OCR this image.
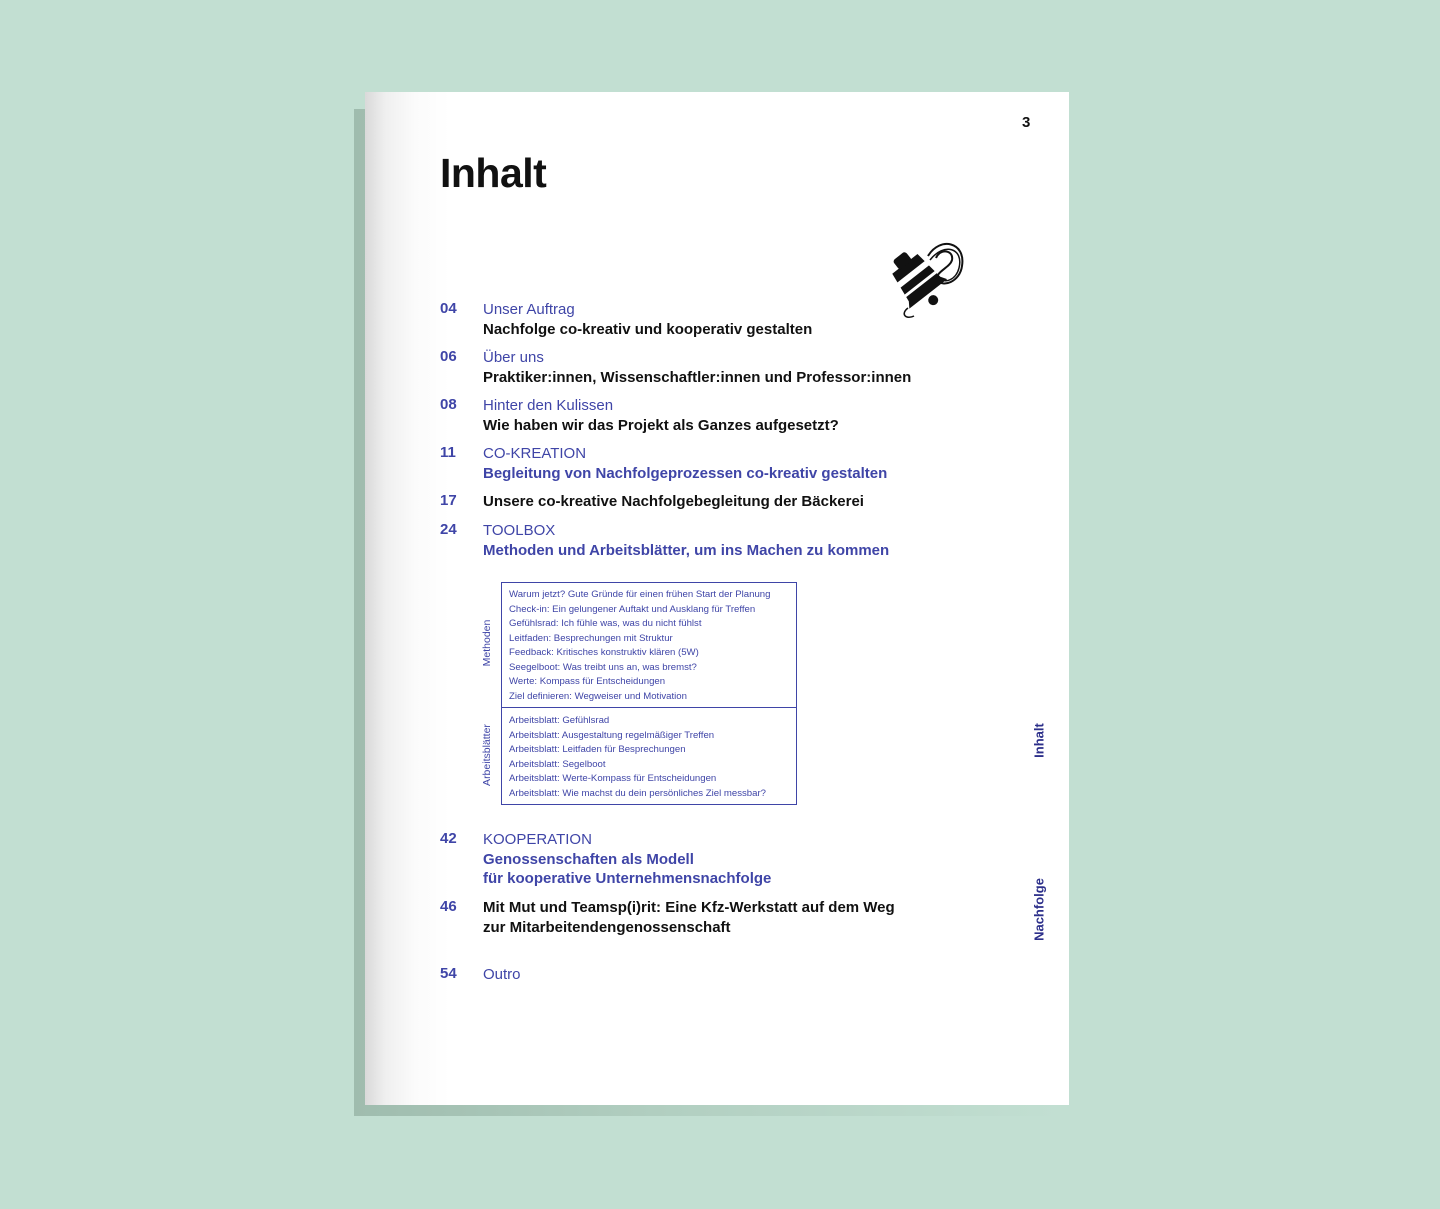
3
Inhalt
04 Unser Auftrag
Nachfolge co-kreativ und kooperativ gestalten
06 Über uns
Praktiker:innen, Wissenschaftler:innen und Professor:innen
08 Hinter den Kulissen
Wie haben wir das Projekt als Ganzes aufgesetzt?
11 CO-KREATION
Begleitung von Nachfolgeprozessen co-kreativ gestalten
17 Unsere co-kreative Nachfolgebegleitung der Bäckerei
24 TOOLBOX
Methoden und Arbeitsblätter, um ins Machen zu kommen
Methoden
Arbeitsblätter
Warum jetzt? Gute Gründe für einen frühen Start der Planung
Check-in: Ein gelungener Auftakt und Ausklang für Treffen
Gefühlsrad: Ich fühle was, was du nicht fühlst
Leitfaden: Besprechungen mit Struktur
Feedback: Kritisches konstruktiv klären (5W)
Seegelboot: Was treibt uns an, was bremst?
Werte: Kompass für Entscheidungen
Ziel definieren: Wegweiser und Motivation
Arbeitsblatt: Gefühlsrad
Arbeitsblatt: Ausgestaltung regelmäßiger Treffen
Arbeitsblatt: Leitfaden für Besprechungen
Arbeitsblatt: Segelboot
Arbeitsblatt: Werte-Kompass für Entscheidungen
Arbeitsblatt: Wie machst du dein persönliches Ziel messbar?
42 KOOPERATION
Genossenschaften als Modell
für kooperative Unternehmensnachfolge
46 Mit Mut und Teamsp(i)rit: Eine Kfz-Werkstatt auf dem Weg
zur Mitarbeitendengenossenschaft
54 Outro
Inhalt
Nachfolge
